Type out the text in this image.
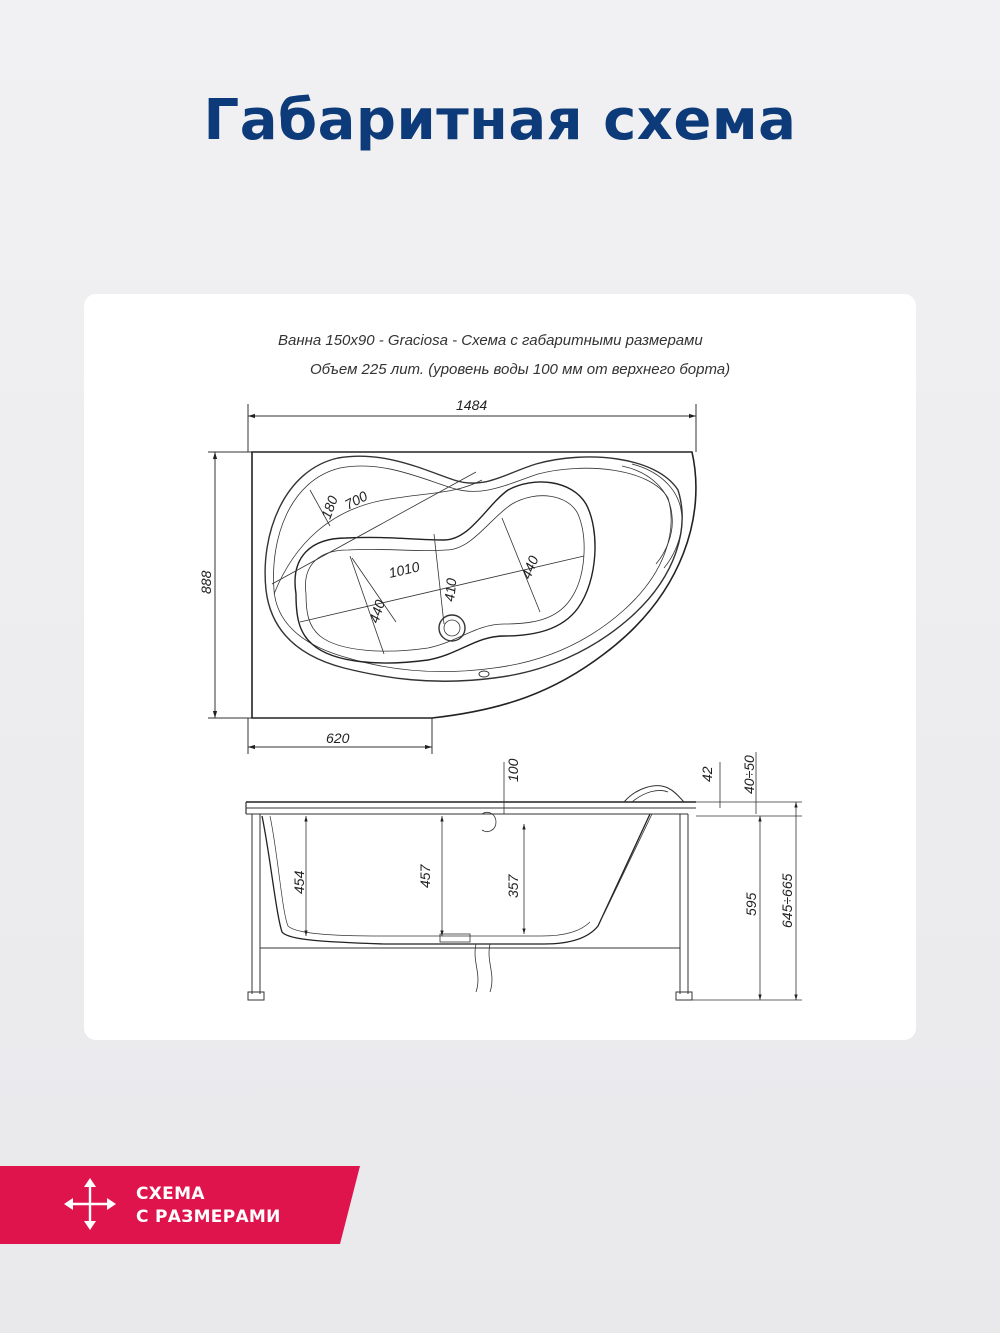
Габаритная схема
Ванна 150x90 - Graciosa - Схема с габаритными размерами
Объем 225 лит. (уровень воды 100 мм от верхнего борта)
1484
888
620
180 700
1010
440
410
440
100	42 40÷50
454	457	357
595 645÷665
СХЕМА
С РАЗМЕРАМИ
